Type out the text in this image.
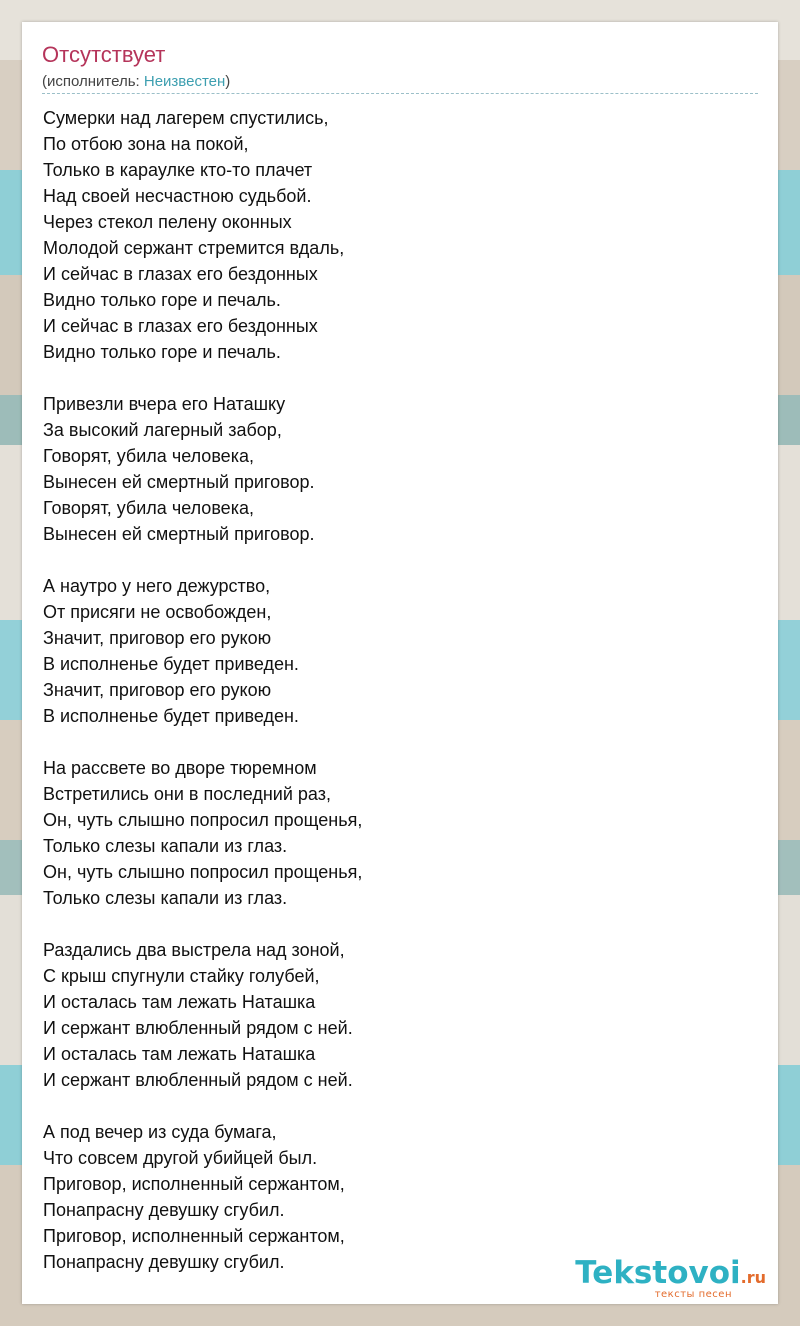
Отсутствует
(исполнитель: Неизвестен)
Сумерки над лагерем спустились,
По отбою зона на покой,
Только в караулке кто-то плачет
Над своей несчастною судьбой.
Через стекол пелену оконных
Молодой сержант стремится вдаль,
И сейчас в глазах его бездонных
Видно только горе и печаль.
И сейчас в глазах его бездонных
Видно только горе и печаль.
Привезли вчера его Наташку
За высокий лагерный забор,
Говорят, убила человека,
Вынесен ей смертный приговор.
Говорят, убила человека,
Вынесен ей смертный приговор.
А наутро у него дежурство,
От присяги не освобожден,
Значит, приговор его рукою
В исполненье будет приведен.
Значит, приговор его рукою
В исполненье будет приведен.
На рассвете во дворе тюремном
Встретились они в последний раз,
Он, чуть слышно попросил прощенья,
Только слезы капали из глаз.
Он, чуть слышно попросил прощенья,
Только слезы капали из глаз.
Раздались два выстрела над зоной,
С крыш спугнули стайку голубей,
И осталась там лежать Наташка
И сержант влюбленный рядом с ней.
И осталась там лежать Наташка
И сержант влюбленный рядом с ней.
А под вечер из суда бумага,
Что совсем другой убийцей был.
Приговор, исполненный сержантом,
Понапрасну девушку сгубил.
Приговор, исполненный сержантом,
Понапрасну девушку сгубил.	Tekstovoi.ru
тексты песен
